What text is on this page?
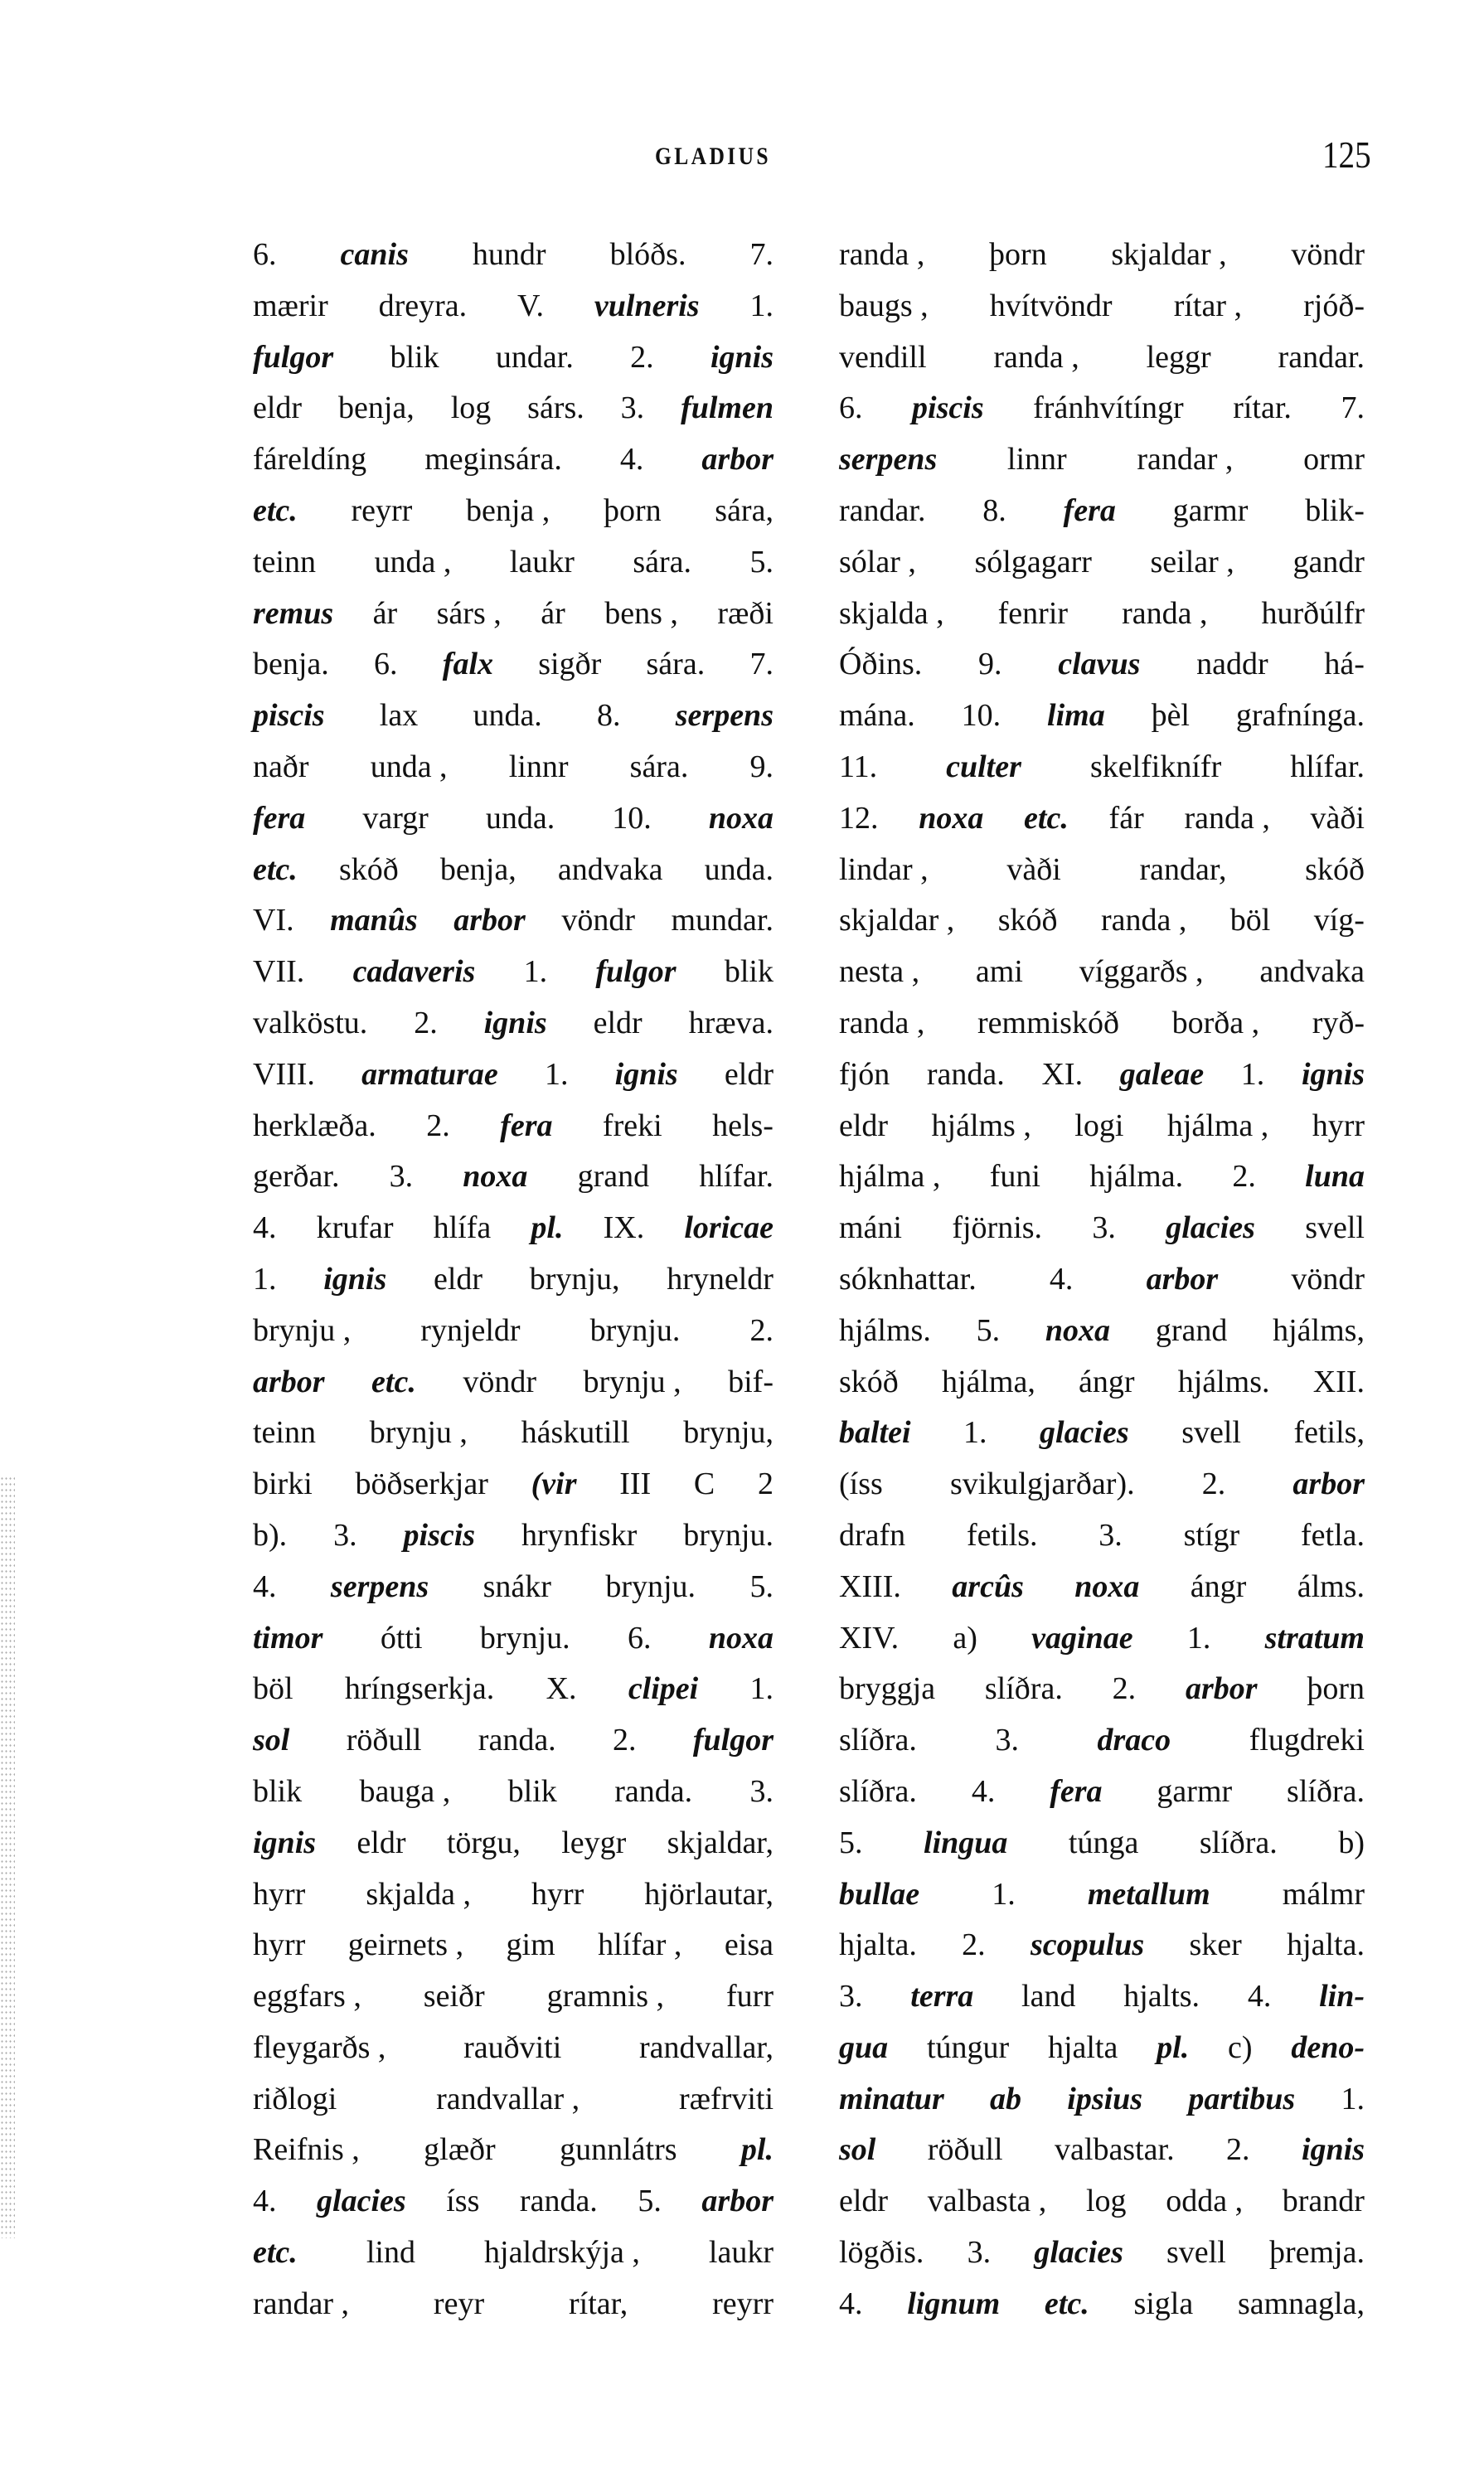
GLADIUS	125
6. canis hundr blóðs. 7.
mærir dreyra. V. vulneris 1.
fulgor blik undar. 2. ignis
eldr benja, log sárs. 3. fulmen
fáreldíng meginsára. 4. arbor
etc. reyrr benja , þorn sára,
teinn unda , laukr sára. 5.
remus ár sárs , ár bens , ræði
benja. 6. falx sigðr sára. 7.
piscis lax unda. 8. serpens
naðr unda , linnr sára. 9.
fera vargr unda. 10. noxa
etc. skóð benja, andvaka unda.
VI. manûs arbor vöndr mundar.
VII. cadaveris 1. fulgor blik
valköstu. 2. ignis eldr hræva.
VIII. armaturae 1. ignis eldr
herklæða. 2. fera freki hels-
gerðar. 3. noxa grand hlífar.
4. krufar hlífa pl. IX. loricae
1. ignis eldr brynju, hryneldr
brynju , rynjeldr brynju. 2.
arbor etc. vöndr brynju , bif-
teinn brynju , háskutill brynju,
birki böðserkjar (vir III C 2
b). 3. piscis hrynfiskr brynju.
4. serpens snákr brynju. 5.
timor ótti brynju. 6. noxa
böl hríngserkja. X. clipei 1.
sol röðull randa. 2. fulgor
blik bauga , blik randa. 3.
ignis eldr törgu, leygr skjaldar,
hyrr skjalda , hyrr hjörlautar,
hyrr geirnets , gim hlífar , eisa
eggfars , seiðr gramnis , furr
fleygarðs , rauðviti randvallar,
riðlogi	randvallar ,	ræfrviti
Reifnis , glæðr gunnlátrs pl.
4. glacies íss randa. 5. arbor
etc. lind hjaldrskýja , laukr
randar ,	reyr	rítar,	reyrr
randa , þorn skjaldar , vöndr
baugs , hvítvöndr rítar , rjóð-
vendill randa , leggr randar.
6. piscis fránhvítíngr rítar. 7.
serpens linnr randar , ormr
randar. 8. fera garmr blik-
sólar , sólgagarr seilar , gandr
skjalda , fenrir randa , hurðúlfr
Óðins. 9. clavus naddr há-
mána. 10. lima þèl grafnínga.
11. culter skelfiknífr hlífar.
12. noxa etc. fár randa , vàði
lindar , vàði randar, skóð
skjaldar , skóð randa , böl víg-
nesta , ami víggarðs , andvaka
randa , remmiskóð borða , ryð-
fjón randa. XI. galeae 1. ignis
eldr hjálms , logi hjálma , hyrr
hjálma , funi hjálma. 2. luna
máni fjörnis. 3. glacies svell
sóknhattar. 4. arbor vöndr
hjálms. 5. noxa grand hjálms,
skóð hjálma, ángr hjálms. XII.
baltei 1. glacies svell fetils,
(íss svikulgjarðar). 2. arbor
drafn fetils. 3. stígr fetla.
XIII. arcûs noxa ángr álms.
XIV. a) vaginae 1. stratum
bryggja slíðra. 2. arbor þorn
slíðra. 3. draco flugdreki
slíðra. 4. fera garmr slíðra.
5. lingua túnga slíðra. b)
bullae 1. metallum málmr
hjalta. 2. scopulus sker hjalta.
3. terra land hjalts. 4. lin-
gua túngur hjalta pl. c) deno-
minatur ab ipsius partibus 1.
sol röðull valbastar. 2. ignis
eldr valbasta , log odda , brandr
lögðis. 3. glacies svell þremja.
4. lignum etc. sigla samnagla,
